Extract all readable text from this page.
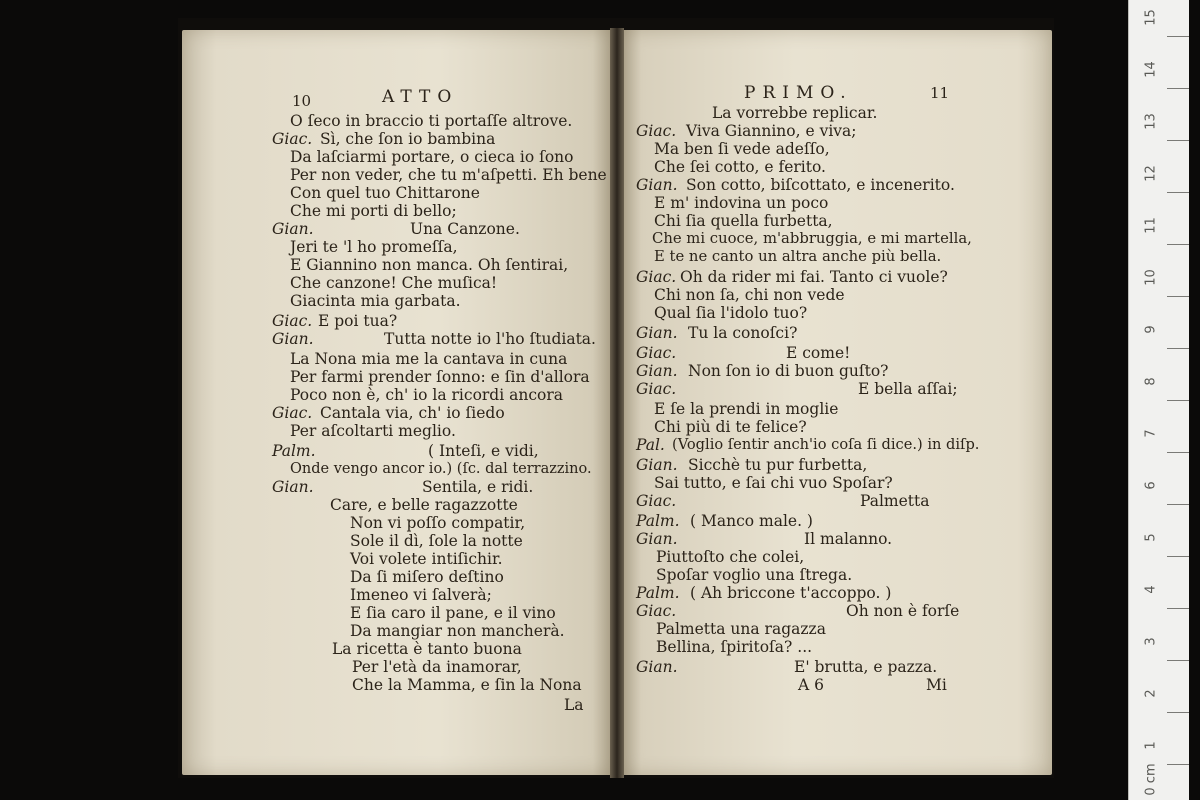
10	ATTO	PRIMO.	11
O ſeco in braccio ti portaſſe altrove.
Giac. Sì, che ſon io bambina
Da laſciarmi portare, o cieca io ſono
Per non veder, che tu m'aſpetti. Eh bene
Con quel tuo Chittarone
Che mi porti di bello;
Gian.	Una Canzone.
Jeri te 'l ho promeſſa,
E Giannino non manca. Oh ſentirai,
Che canzone! Che muſica!
Giacinta mia garbata.
Giac. E poi tua?
Gian.	Tutta notte io l'ho ſtudiata.
La Nona mia me la cantava in cuna
Per farmi prender ſonno: e ſin d'allora
Poco non è, ch' io la ricordi ancora
Giac. Cantala via, ch' io ſiedo
Per aſcoltarti meglio.
Palm.	( Inteſi, e vidi,
Onde vengo ancor io.) (ſc. dal terrazzino.
Gian.	Sentila, e ridi.
Care, e belle ragazzotte
Non vi poſſo compatir,
Sole il dì, ſole la notte
Voi volete intiſichir.
Da ſi miſero deſtino
Imeneo vi ſalverà;
E ſia caro il pane, e il vino
Da mangiar non mancherà.
La ricetta è tanto buona
Per l'età da inamorar,
Che la Mamma, e ſin la Nona
La
La vorrebbe replicar.
Giac. Viva Giannino, e viva;
Ma ben ſi vede adeſſo,
Che ſei cotto, e ferito.
Gian. Son cotto, biſcottato, e incenerito.
E m' indovina un poco
Chi ſia quella furbetta,
Che mi cuoce, m'abbruggia, e mi martella,
E te ne canto un altra anche più bella.
Giac. Oh da rider mi fai. Tanto ci vuole?
Chi non ſa, chi non vede
Qual ſia l'idolo tuo?
Gian. Tu la conoſci?
Giac.	E come!
Gian. Non ſon io di buon guſto?
Giac.	E bella aſſai;
E ſe la prendi in moglie
Chi più di te felice?
Pal. (Voglio ſentir anch'io coſa ſi dice.) in diſp.
Gian. Sicchè tu pur furbetta,
Sai tutto, e ſai chi vuo Spoſar?
Giac.	Palmetta
Palm. ( Manco male. )
Gian.	Il malanno.
Piuttoſto che colei,
Spoſar voglio una ſtrega.
Palm. ( Ah briccone t'accoppo. )
Giac.	Oh non è forſe
Palmetta una ragazza
Bellina, ſpiritoſa? ...
Gian.	E' brutta, e pazza.
A 6	Mi
15
14
13
12
11
10
9
8
7
6
5
4
3
2
1
0 cm
